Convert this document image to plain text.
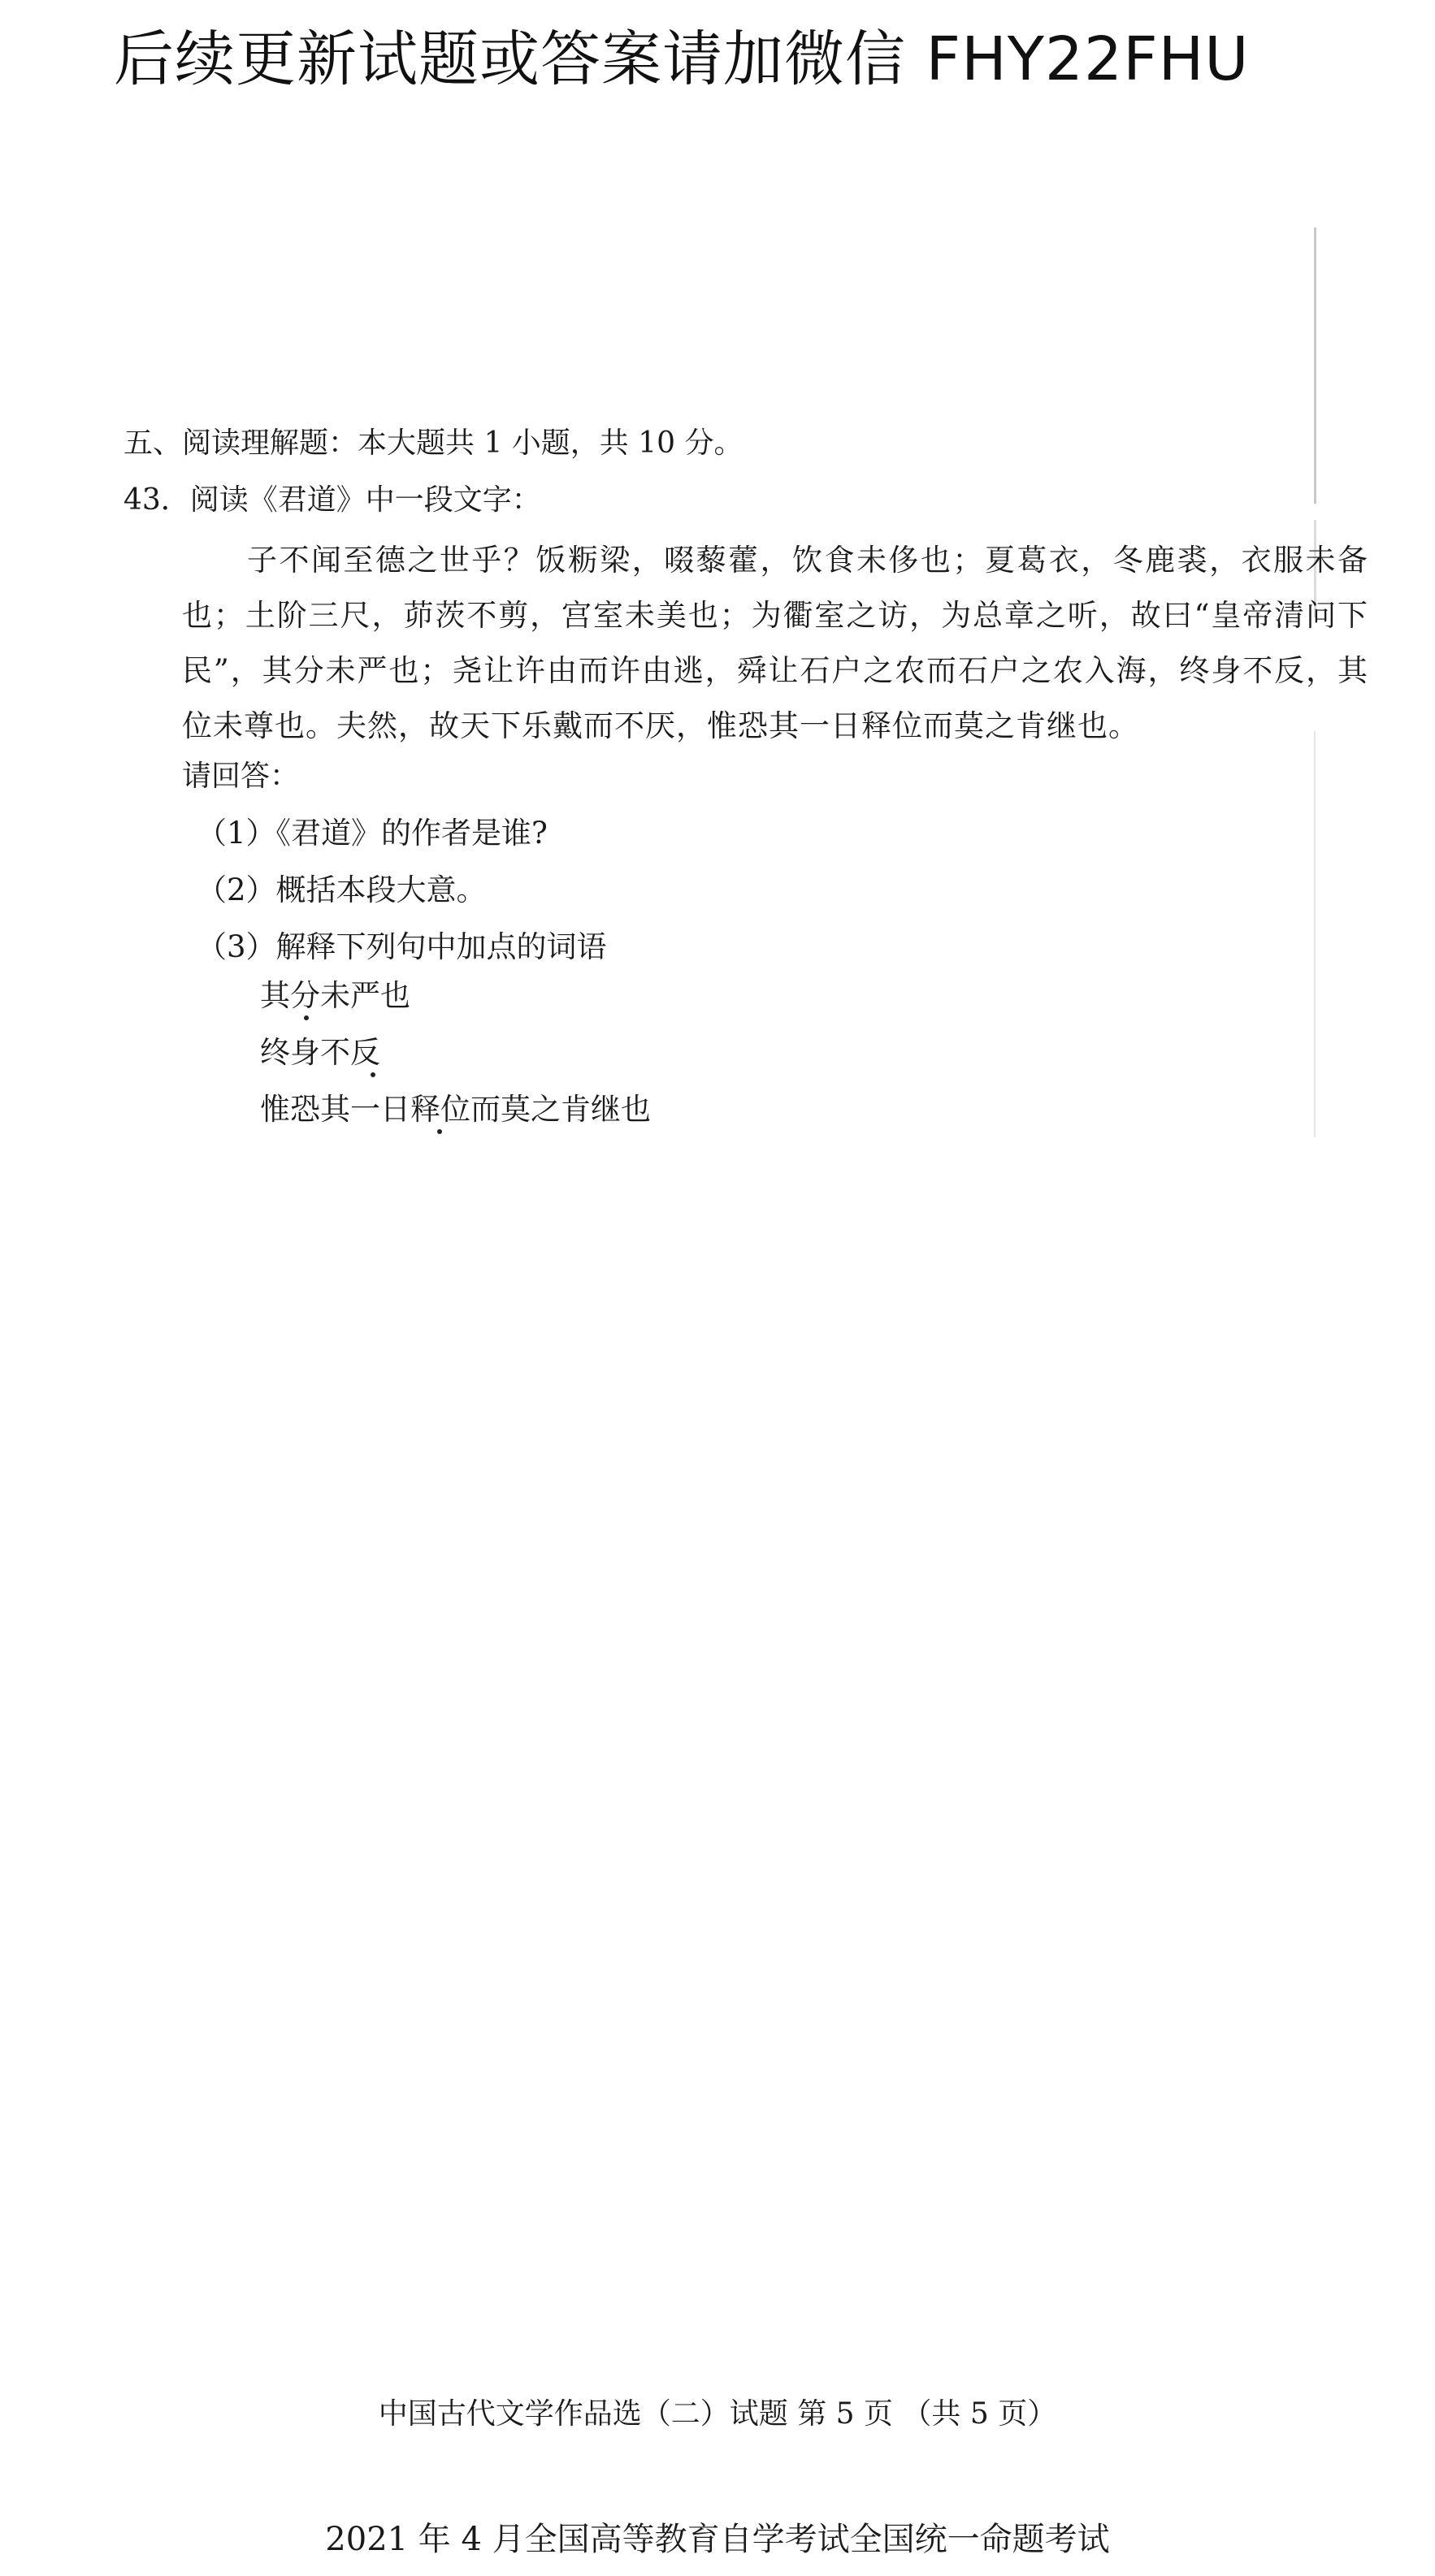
后续更新试题或答案请加微信 FHY22FHU
五、阅读理解题：本大题共 1 小题，共 10 分。
43．阅读《君道》中一段文字：
子不闻至德之世乎？饭粝梁，啜藜藿，饮食未侈也；夏葛衣，冬鹿裘，衣服未备也；土阶三尺，茆茨不剪，宫室未美也；为衢室之访，为总章之听，故曰“皇帝清问下民”，其分未严也；尧让许由而许由逃，舜让石户之农而石户之农入海，终身不反，其位未尊也。夫然，故天下乐戴而不厌，惟恐其一日释位而莫之肯继也。
请回答：
（1）《君道》的作者是谁?
（2）概括本段大意。
（3）解释下列句中加点的词语
其分未严也
终身不反
惟恐其一日释位而莫之肯继也
中国古代文学作品选（二）试题 第 5 页 （共 5 页）
2021 年 4 月全国高等教育自学考试全国统一命题考试
